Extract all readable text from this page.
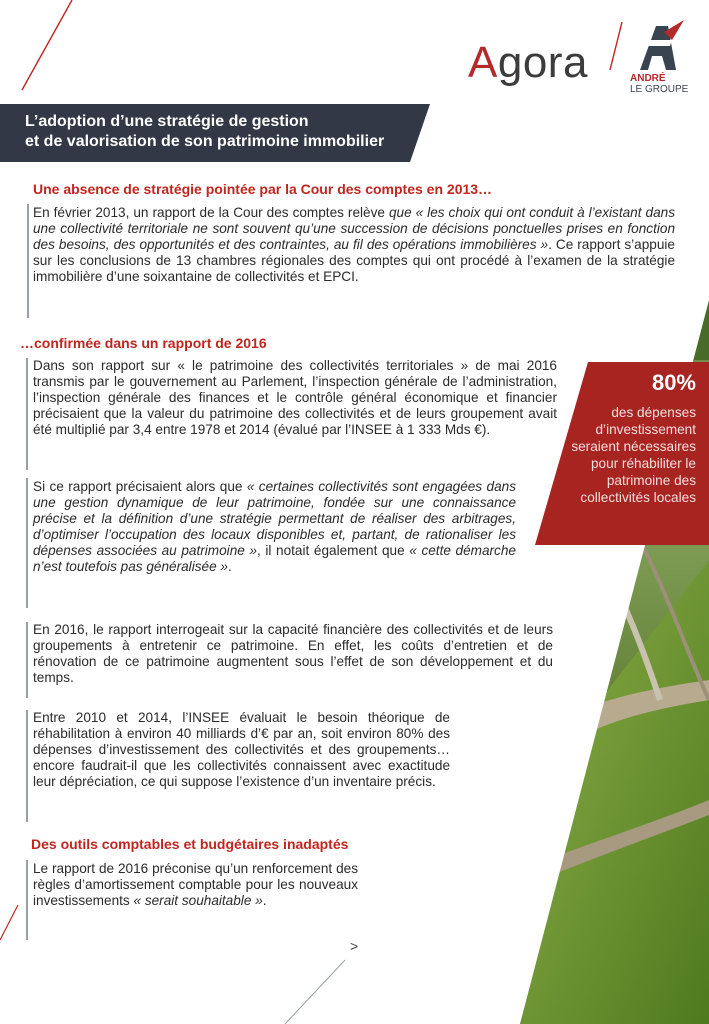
Agora	ANDRÉ
LE GROUPE
L’adoption d’une stratégie de gestion
et de valorisation de son patrimoine immobilier
Une absence de stratégie pointée par la Cour des comptes en 2013…
En février 2013, un rapport de la Cour des comptes relève que « les choix qui ont conduit à l’existant dans une collectivité territoriale ne sont souvent qu’une succession de décisions ponctuelles prises en fonction des besoins, des opportunités et des contraintes, au fil des opérations immobilières ». Ce rapport s’appuie sur les conclusions de 13 chambres régionales des comptes qui ont procédé à l’examen de la stratégie immobilière d’une soixantaine de collectivités et EPCI.
…confirmée dans un rapport de 2016
Dans son rapport sur « le patrimoine des collectivités territoriales » de mai 2016 transmis par le gouvernement au Parlement, l’inspection générale de l’administration, l’inspection générale des finances et le contrôle général économique et financier précisaient que la valeur du patrimoine des collectivités et de leurs groupement avait été multiplié par 3,4 entre 1978 et 2014 (évalué par l’INSEE à 1 333 Mds €).
Si ce rapport précisaient alors que « certaines collectivités sont engagées dans une gestion dynamique de leur patrimoine, fondée sur une connaissance précise et la définition d’une stratégie permettant de réaliser des arbitrages, d’optimiser l’occupation des locaux disponibles et, partant, de rationaliser les dépenses associées au patrimoine », il notait également que « cette démarche n’est toutefois pas généralisée ».
En 2016, le rapport interrogeait sur la capacité financière des collectivités et de leurs groupements à entretenir ce patrimoine. En effet, les coûts d’entretien et de rénovation de ce patrimoine augmentent sous l’effet de son développement et du temps.
Entre 2010 et 2014, l’INSEE évaluait le besoin théorique de réhabilitation à environ 40 milliards d’€ par an, soit environ 80% des dépenses d’investissement des collectivités et des groupements…encore faudrait-il que les collectivités connaissent avec exactitude leur dépréciation, ce qui suppose l’existence d’un inventaire précis.
Des outils comptables et budgétaires inadaptés
Le rapport de 2016 préconise qu’un renforcement des règles d’amortissement comptable pour les nouveaux investissements « serait souhaitable ».
80%
des dépenses d’investissement seraient nécessaires pour réhabiliter le patrimoine des collectivités locales
>
